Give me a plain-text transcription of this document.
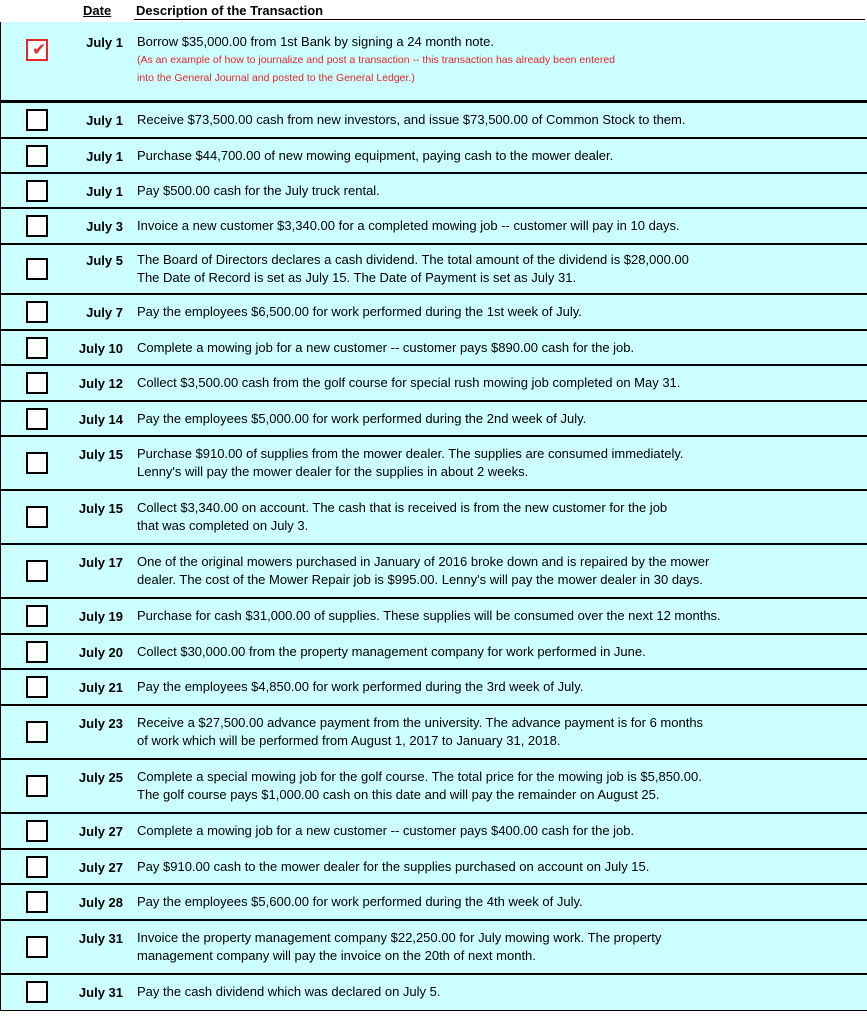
Date Description of the Transaction
✔	July 1 Borrow $35,000.00 from 1st Bank by signing a 24 month note.
(As an example of how to journalize and post a transaction -- this transaction has already been entered
into the General Journal and posted to the General Ledger.)
July 1 Receive $73,500.00 cash from new investors, and issue $73,500.00 of Common Stock to them.
July 1 Purchase $44,700.00 of new mowing equipment, paying cash to the mower dealer.
July 1 Pay $500.00 cash for the July truck rental.
July 3 Invoice a new customer $3,340.00 for a completed mowing job -- customer will pay in 10 days.
July 5 The Board of Directors declares a cash dividend. The total amount of the dividend is $28,000.00
The Date of Record is set as July 15. The Date of Payment is set as July 31.
July 7 Pay the employees $6,500.00 for work performed during the 1st week of July.
July 10 Complete a mowing job for a new customer -- customer pays $890.00 cash for the job.
July 12 Collect $3,500.00 cash from the golf course for special rush mowing job completed on May 31.
July 14 Pay the employees $5,000.00 for work performed during the 2nd week of July.
July 15 Purchase $910.00 of supplies from the mower dealer. The supplies are consumed immediately.
Lenny's will pay the mower dealer for the supplies in about 2 weeks.
July 15 Collect $3,340.00 on account. The cash that is received is from the new customer for the job
that was completed on July 3.
July 17 One of the original mowers purchased in January of 2016 broke down and is repaired by the mower
dealer. The cost of the Mower Repair job is $995.00. Lenny's will pay the mower dealer in 30 days.
July 19 Purchase for cash $31,000.00 of supplies. These supplies will be consumed over the next 12 months.
July 20 Collect $30,000.00 from the property management company for work performed in June.
July 21 Pay the employees $4,850.00 for work performed during the 3rd week of July.
July 23 Receive a $27,500.00 advance payment from the university. The advance payment is for 6 months
of work which will be performed from August 1, 2017 to January 31, 2018.
July 25 Complete a special mowing job for the golf course. The total price for the mowing job is $5,850.00.
The golf course pays $1,000.00 cash on this date and will pay the remainder on August 25.
July 27 Complete a mowing job for a new customer -- customer pays $400.00 cash for the job.
July 27 Pay $910.00 cash to the mower dealer for the supplies purchased on account on July 15.
July 28 Pay the employees $5,600.00 for work performed during the 4th week of July.
July 31 Invoice the property management company $22,250.00 for July mowing work. The property
management company will pay the invoice on the 20th of next month.
July 31 Pay the cash dividend which was declared on July 5.
